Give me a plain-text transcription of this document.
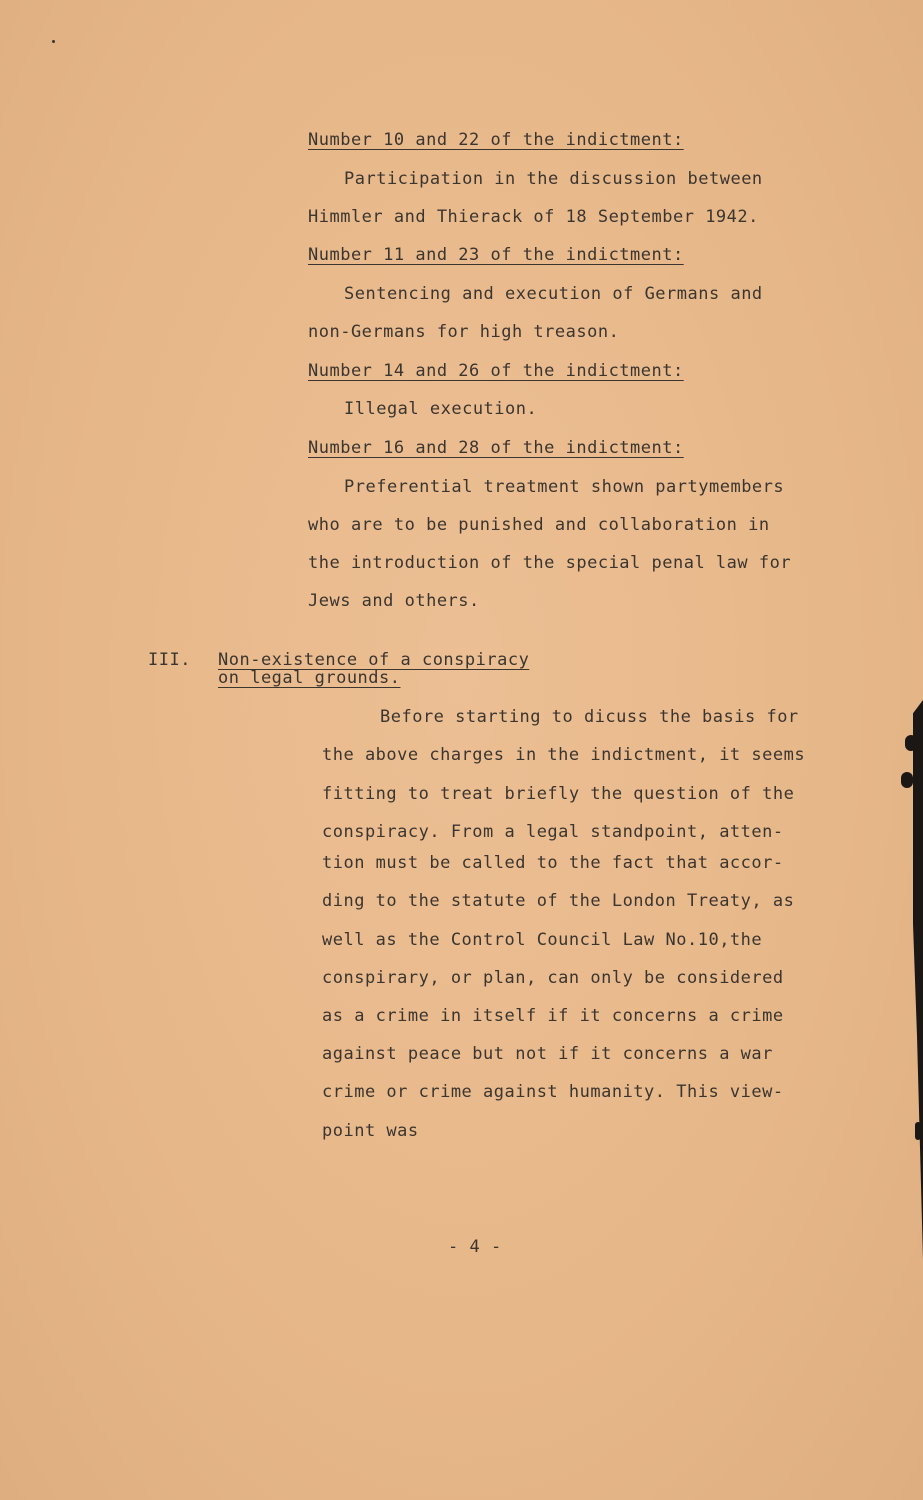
Number 10 and 22 of the indictment:
Participation in the discussion between
Himmler and Thierack of 18 September 1942.
Number 11 and 23 of the indictment:
Sentencing and execution of Germans and
non-Germans for high treason.
Number 14 and 26 of the indictment:
Illegal execution.
Number 16 and 28 of the indictment:
Preferential treatment shown partymembers
who are to be punished and collaboration in
the introduction of the special penal law for
Jews and others.
III. Non-existence of a conspiracy
on legal grounds.
Before starting to dicuss the basis for
the above charges in the indictment, it seems
fitting to treat briefly the question of the
conspiracy. From a legal standpoint, atten-
tion must be called to the fact that accor-
ding to the statute of the London Treaty, as
well as the Control Council Law No.10,the
conspirary, or plan, can only be considered
as a crime in itself if it concerns a crime
against peace but not if it concerns a war
crime or crime against humanity. This view-
point was
- 4 -
